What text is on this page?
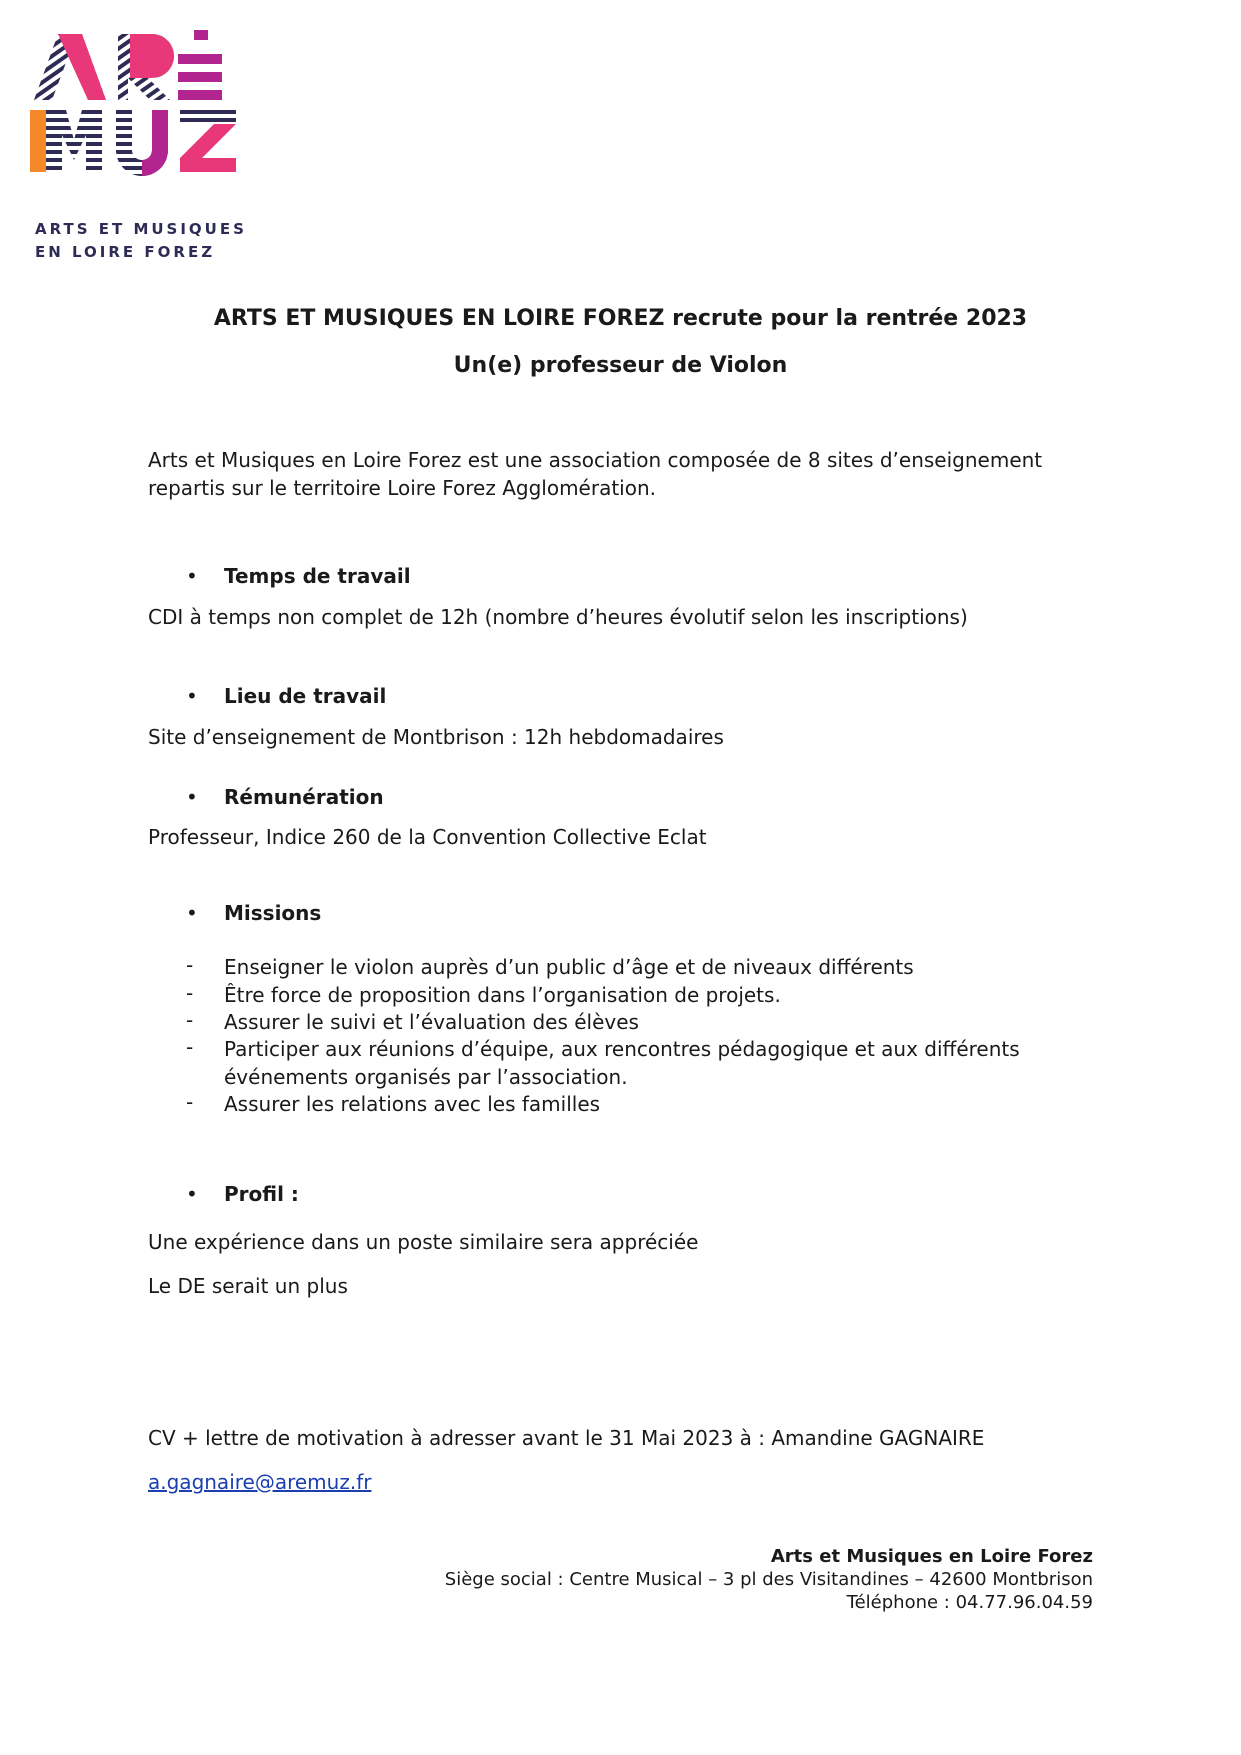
ARTS ET MUSIQUES
EN LOIRE FOREZ
ARTS ET MUSIQUES EN LOIRE FOREZ recrute pour la rentrée 2023
Un(e) professeur de Violon
Arts et Musiques en Loire Forez est une association composée de 8 sites d’enseignement repartis sur le territoire Loire Forez Agglomération.
• Temps de travail
CDI à temps non complet de 12h (nombre d’heures évolutif selon les inscriptions)
• Lieu de travail
Site d’enseignement de Montbrison : 12h hebdomadaires
• Rémunération
Professeur, Indice 260 de la Convention Collective Eclat
• Missions
- Enseigner le violon auprès d’un public d’âge et de niveaux différents
- Être force de proposition dans l’organisation de projets.
- Assurer le suivi et l’évaluation des élèves
- Participer aux réunions d’équipe, aux rencontres pédagogique et aux différents événements organisés par l’association.
- Assurer les relations avec les familles
• Profil :
Une expérience dans un poste similaire sera appréciée
Le DE serait un plus
CV + lettre de motivation à adresser avant le 31 Mai 2023 à : Amandine GAGNAIRE
a.gagnaire@aremuz.fr
Arts et Musiques en Loire Forez
Siège social : Centre Musical – 3 pl des Visitandines – 42600 Montbrison
Téléphone : 04.77.96.04.59
